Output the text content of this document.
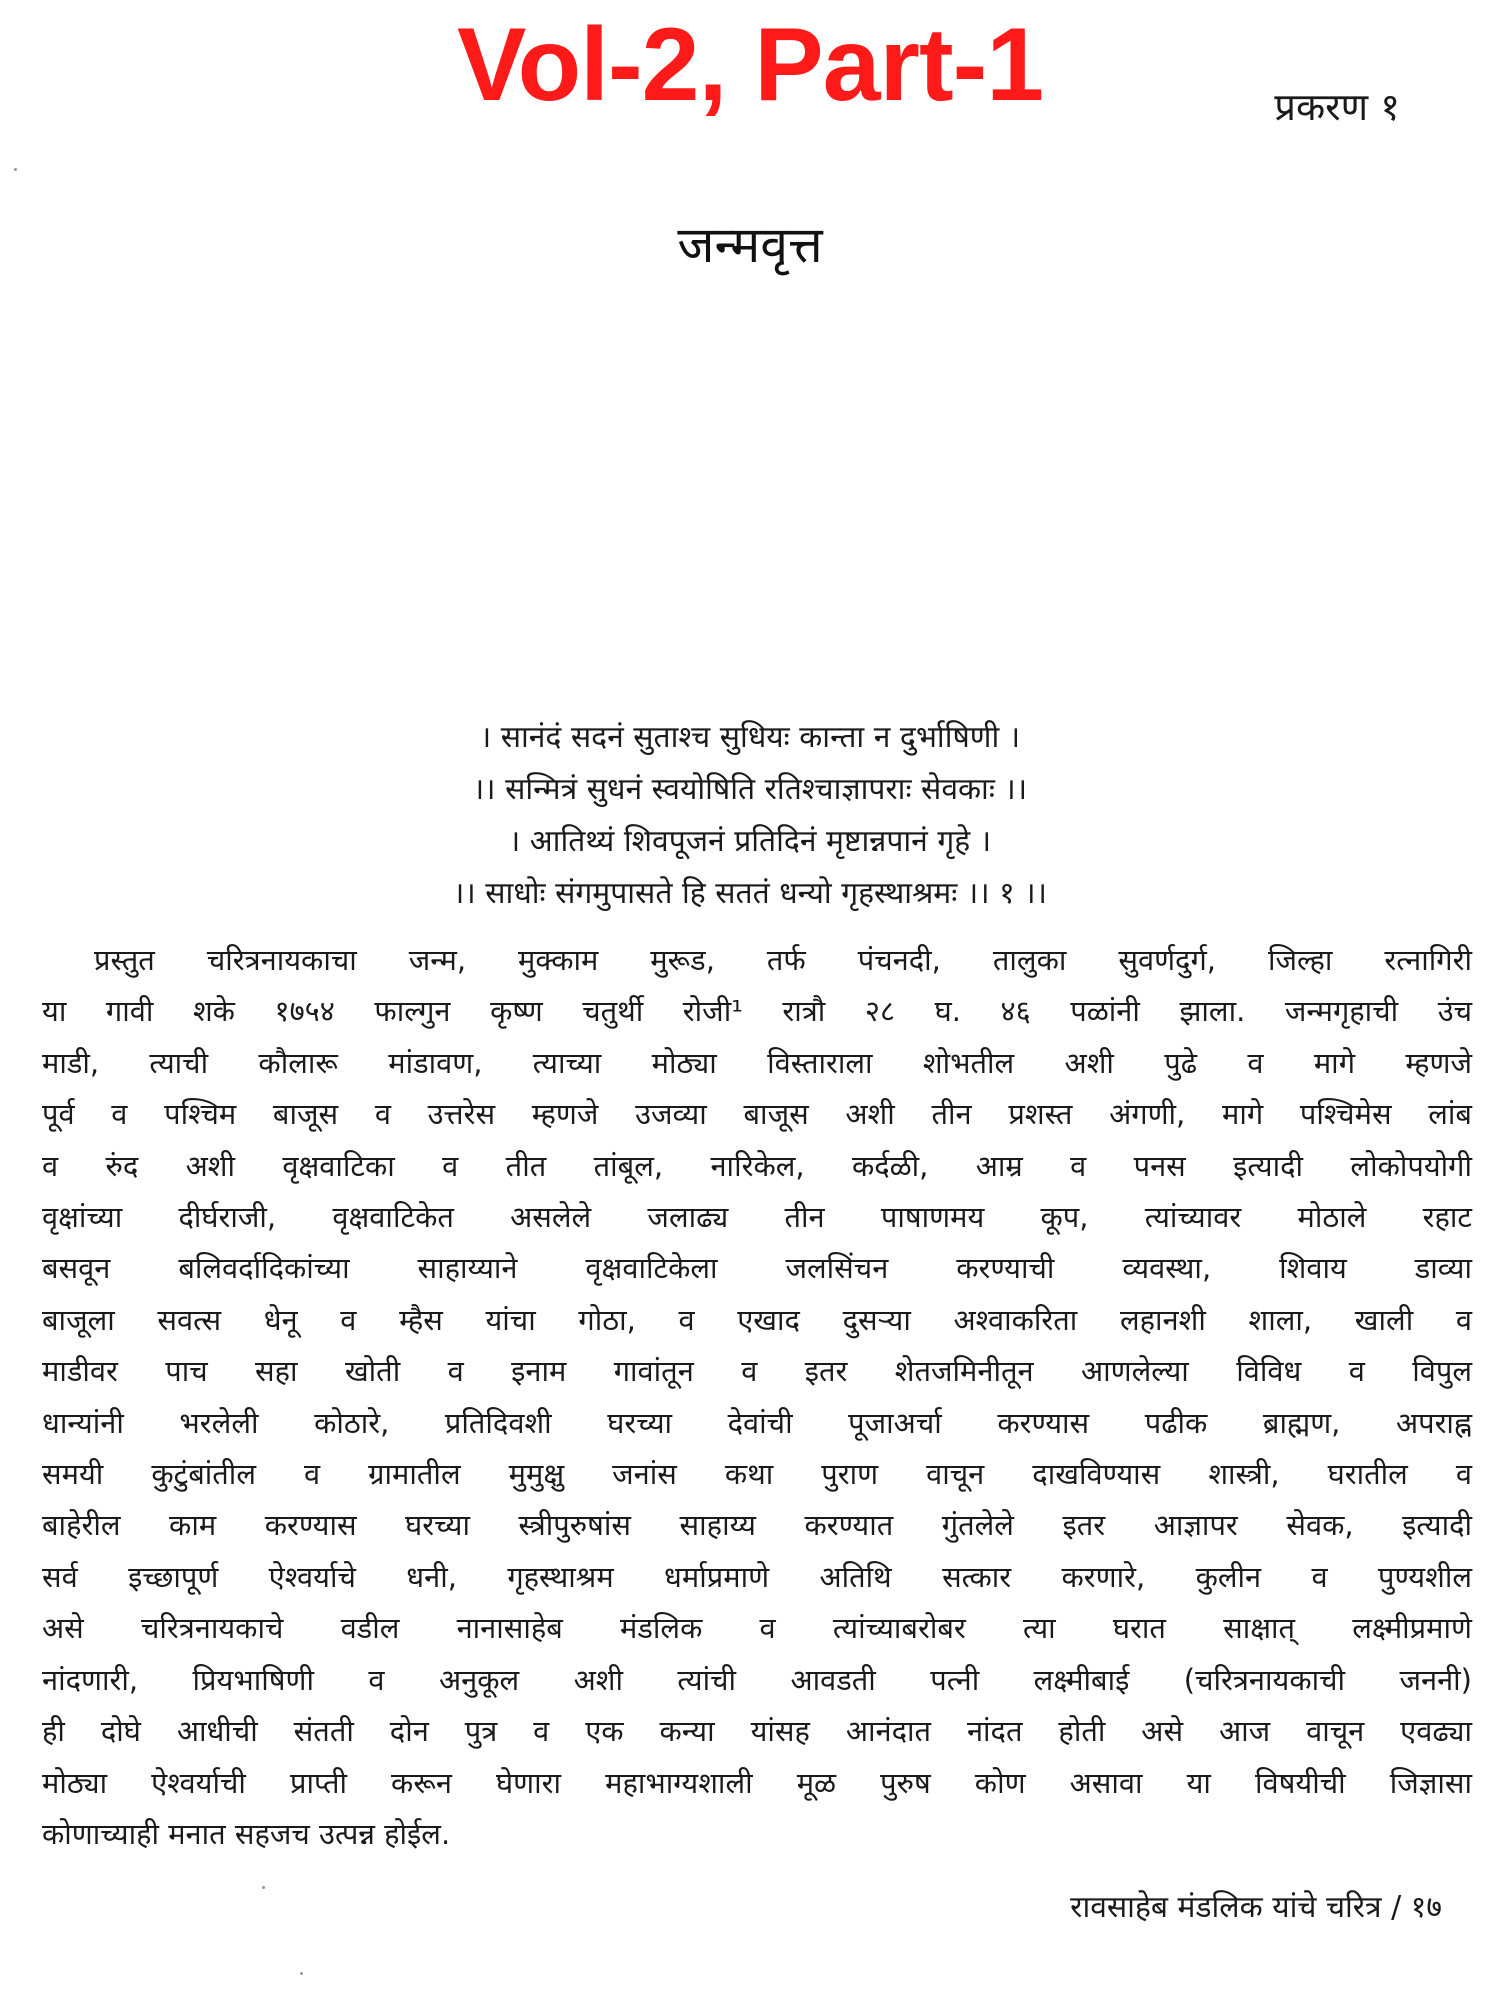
Vol-2, Part-1	प्रकरण १
जन्मवृत्त
। सानंदं सदनं सुताश्च सुधियः कान्ता न दुर्भाषिणी ।
।। सन्मित्रं सुधनं स्वयोषिति रतिश्चाज्ञापराः सेवकाः ।।
। आतिथ्यं शिवपूजनं प्रतिदिनं मृष्टान्नपानं गृहे ।
।। साधोः संगमुपासते हि सततं धन्यो गृहस्थाश्रमः ।। १ ।।
प्रस्तुत चरित्रनायकाचा जन्म, मुक्काम मुरूड, तर्फ पंचनदी, तालुका सुवर्णदुर्ग, जिल्हा रत्नागिरी
या गावी शके १७५४ फाल्गुन कृष्ण चतुर्थी रोजी¹ रात्रौ २८ घ. ४६ पळांनी झाला. जन्मगृहाची उंच
माडी, त्याची कौलारू मांडावण, त्याच्या मोठ्या विस्ताराला शोभतील अशी पुढे व मागे म्हणजे
पूर्व व पश्चिम बाजूस व उत्तरेस म्हणजे उजव्या बाजूस अशी तीन प्रशस्त अंगणी, मागे पश्चिमेस लांब
व रुंद अशी वृक्षवाटिका व तीत तांबूल, नारिकेल, कर्दळी, आम्र व पनस इत्यादी लोकोपयोगी
वृक्षांच्या दीर्घराजी, वृक्षवाटिकेत असलेले जलाढ्य तीन पाषाणमय कूप, त्यांच्यावर मोठाले रहाट
बसवून बलिवर्दादिकांच्या साहाय्याने वृक्षवाटिकेला जलसिंचन करण्याची व्यवस्था, शिवाय डाव्या
बाजूला सवत्स धेनू व म्हैस यांचा गोठा, व एखाद दुसऱ्या अश्वाकरिता लहानशी शाला, खाली व
माडीवर पाच सहा खोती व इनाम गावांतून व इतर शेतजमिनीतून आणलेल्या विविध व विपुल
धान्यांनी भरलेली कोठारे, प्रतिदिवशी घरच्या देवांची पूजाअर्चा करण्यास पढीक ब्राह्मण, अपराह्न
समयी कुटुंबांतील व ग्रामातील मुमुक्षु जनांस कथा पुराण वाचून दाखविण्यास शास्त्री, घरातील व
बाहेरील काम करण्यास घरच्या स्त्रीपुरुषांस साहाय्य करण्यात गुंतलेले इतर आज्ञापर सेवक, इत्यादी
सर्व इच्छापूर्ण ऐश्वर्याचे धनी, गृहस्थाश्रम धर्माप्रमाणे अतिथि सत्कार करणारे, कुलीन व पुण्यशील
असे चरित्रनायकाचे वडील नानासाहेब मंडलिक व त्यांच्याबरोबर त्या घरात साक्षात् लक्ष्मीप्रमाणे
नांदणारी, प्रियभाषिणी व अनुकूल अशी त्यांची आवडती पत्नी लक्ष्मीबाई (चरित्रनायकाची जननी)
ही दोघे आधीची संतती दोन पुत्र व एक कन्या यांसह आनंदात नांदत होती असे आज वाचून एवढ्या
मोठ्या ऐश्वर्याची प्राप्ती करून घेणारा महाभाग्यशाली मूळ पुरुष कोण असावा या विषयीची जिज्ञासा
कोणाच्याही मनात सहजच उत्पन्न होईल.
रावसाहेब मंडलिक यांचे चरित्र / १७
